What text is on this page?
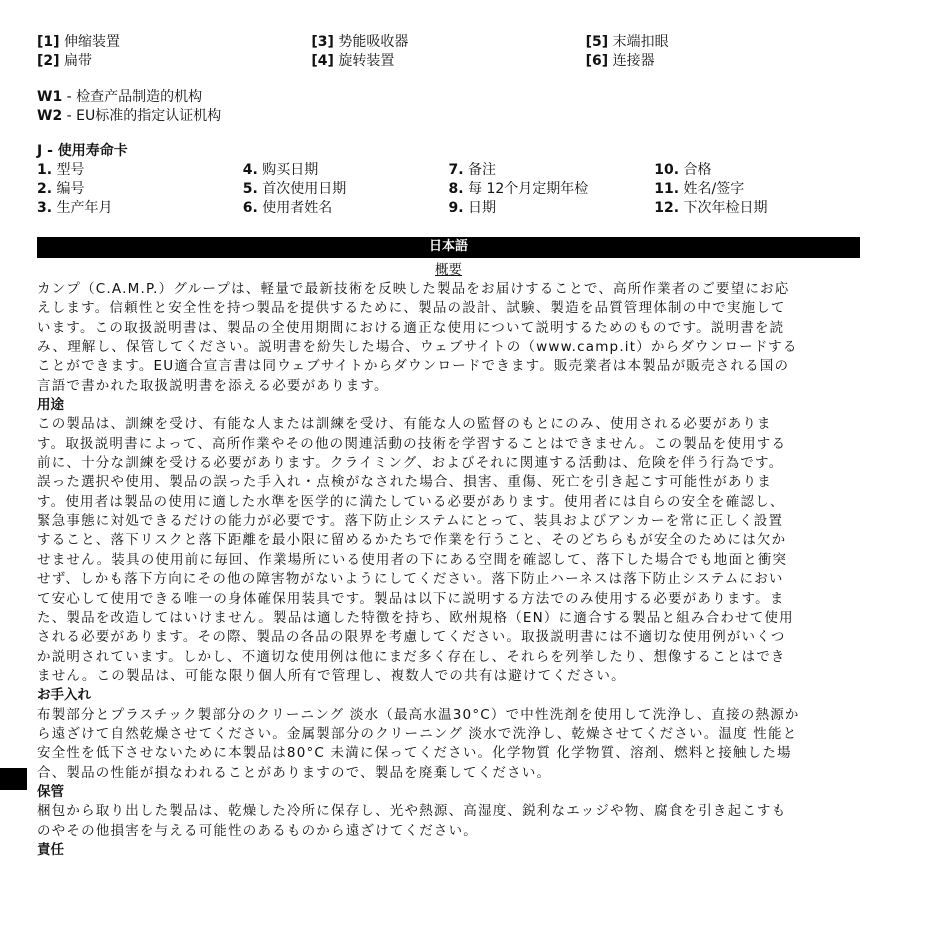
[1] 伸缩装置
[2] 扁带
[3] 势能吸收器
[4] 旋转装置
[5] 末端扣眼
[6] 连接器
W1 - 检查产品制造的机构
W2 - EU标准的指定认证机构
J - 使用寿命卡
1. 型号
2. 编号
3. 生产年月
4. 购买日期
5. 首次使用日期
6. 使用者姓名
7. 备注
8. 每 12个月定期年检
9. 日期
10. 合格
11. 姓名/签字
12. 下次年检日期
日本語
概要
カンプ（C.A.M.P.）グループは、軽量で最新技術を反映した製品をお届けすることで、高所作業者のご要望にお応
えします。信頼性と安全性を持つ製品を提供するために、製品の設計、試験、製造を品質管理体制の中で実施して
います。この取扱説明書は、製品の全使用期間における適正な使用について説明するためのものです。説明書を読
み、理解し、保管してください。説明書を紛失した場合、ウェブサイトの（www.camp.it）からダウンロードする
ことができます。EU適合宣言書は同ウェブサイトからダウンロードできます。販売業者は本製品が販売される国の
言語で書かれた取扱説明書を添える必要があります。
用途
この製品は、訓練を受け、有能な人または訓練を受け、有能な人の監督のもとにのみ、使用される必要がありま
す。取扱説明書によって、高所作業やその他の関連活動の技術を学習することはできません。この製品を使用する
前に、十分な訓練を受ける必要があります。クライミング、およびそれに関連する活動は、危険を伴う行為です。
誤った選択や使用、製品の誤った手入れ・点検がなされた場合、損害、重傷、死亡を引き起こす可能性がありま
す。使用者は製品の使用に適した水準を医学的に満たしている必要があります。使用者には自らの安全を確認し、
緊急事態に対処できるだけの能力が必要です。落下防止システムにとって、装具およびアンカーを常に正しく設置
すること、落下リスクと落下距離を最小限に留めるかたちで作業を行うこと、そのどちらもが安全のためには欠か
せません。装具の使用前に毎回、作業場所にいる使用者の下にある空間を確認して、落下した場合でも地面と衝突
せず、しかも落下方向にその他の障害物がないようにしてください。落下防止ハーネスは落下防止システムにおい
て安心して使用できる唯一の身体確保用装具です。製品は以下に説明する方法でのみ使用する必要があります。ま
た、製品を改造してはいけません。製品は適した特徴を持ち、欧州規格（EN）に適合する製品と組み合わせて使用
される必要があります。その際、製品の各品の限界を考慮してください。取扱説明書には不適切な使用例がいくつ
か説明されています。しかし、不適切な使用例は他にまだ多く存在し、それらを列挙したり、想像することはでき
ません。この製品は、可能な限り個人所有で管理し、複数人での共有は避けてください。
お手入れ
布製部分とプラスチック製部分のクリーニング 淡水（最高水温30°C）で中性洗剤を使用して洗浄し、直接の熱源か
ら遠ざけて自然乾燥させてください。金属製部分のクリーニング 淡水で洗浄し、乾燥させてください。温度 性能と
安全性を低下させないために本製品は80°C 未満に保ってください。化学物質 化学物質、溶剤、燃料と接触した場
合、製品の性能が損なわれることがありますので、製品を廃棄してください。
保管
梱包から取り出した製品は、乾燥した冷所に保存し、光や熱源、高湿度、鋭利なエッジや物、腐食を引き起こすも
のやその他損害を与える可能性のあるものから遠ざけてください。
責任
